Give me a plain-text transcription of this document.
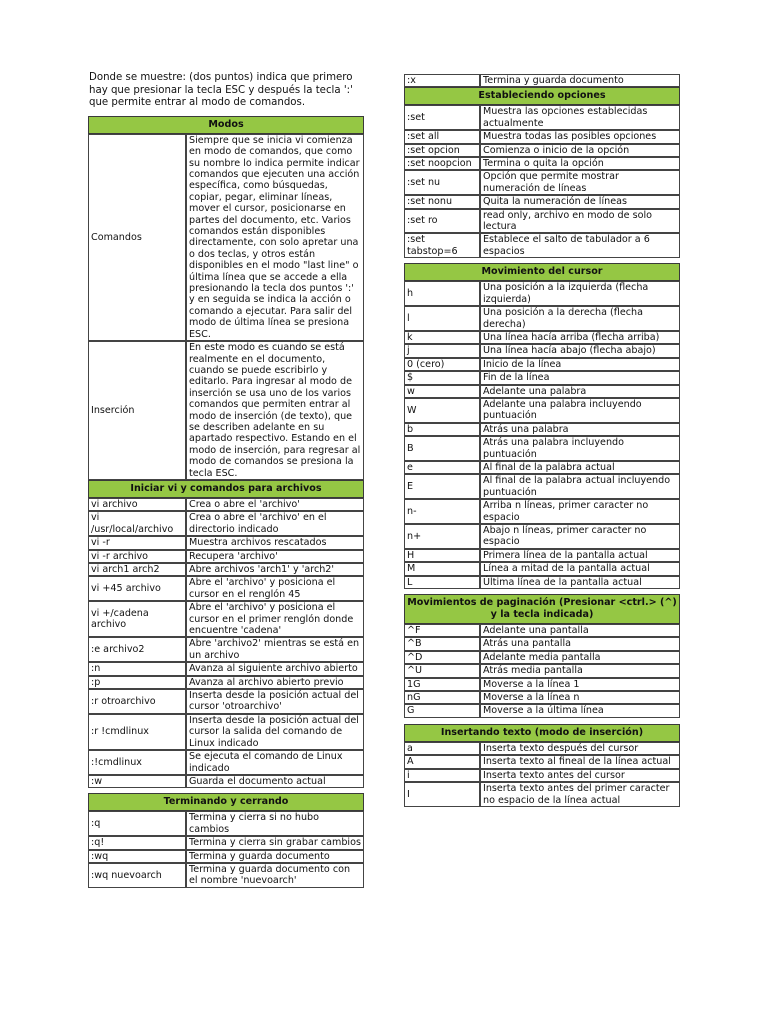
Donde se muestre: (dos puntos) indica que primero hay que presionar la tecla ESC y después la tecla ':' que permite entrar al modo de comandos.

Modos	
Comandos	Siempre que se inicia vi comienza en modo de comandos, que como su nombre lo indica permite indicar comandos que ejecuten una acción específica, como búsquedas, copiar, pegar, eliminar líneas, mover el cursor, posicionarse en partes del documento, etc. Varios comandos están disponibles directamente, con solo apretar una o dos teclas, y otros están disponibles en el modo "last line" o última línea que se accede a ella presionando la tecla dos puntos ':' y en seguida se indica la acción o comando a ejecutar. Para salir del modo de última línea se presiona ESC.
Inserción	En este modo es cuando se está realmente en el documento, cuando se puede escribirlo y editarlo. Para ingresar al modo de inserción se usa uno de los varios comandos que permiten entrar al modo de inserción (de texto), que se describen adelante en su apartado respectivo. Estando en el modo de inserción, para regresar al modo de comandos se presiona la tecla ESC.
Iniciar vi y comandos para archivos	
vi archivo	Crea o abre el 'archivo'
vi /usr/local/archivo	Crea o abre el 'archivo' en el directorio indicado
vi -r	Muestra archivos rescatados
vi -r archivo	Recupera 'archivo'
vi arch1 arch2	Abre archivos 'arch1' y 'arch2'
vi +45 archivo	Abre el 'archivo' y posiciona el cursor en el renglón 45
vi +/cadena archivo	Abre el 'archivo' y posiciona el cursor en el primer renglón donde encuentre 'cadena'
:e archivo2	Abre 'archivo2' mientras se está en un archivo
:n	Avanza al siguiente archivo abierto
:p	Avanza al archivo abierto previo
:r otroarchivo	Inserta desde la posición actual del cursor 'otroarchivo'
:r !cmdlinux	Inserta desde la posición actual del cursor la salida del comando de Linux indicado
:!cmdlinux	Se ejecuta el comando de Linux indicado
:w	Guarda el documento actual

Terminando y cerrando	
:q	Termina y cierra si no hubo cambios
:q!	Termina y cierra sin grabar cambios
:wq	Termina y guarda documento
:wq nuevoarch	Termina y guarda documento con el nombre 'nuevoarch'
:x	Termina y guarda documento
Estableciendo opciones	
:set	Muestra las opciones establecidas actualmente
:set all	Muestra todas las posibles opciones
:set opcion	Comienza o inicio de la opción
:set noopcion	Termina o quita la opción
:set nu	Opción que permite mostrar numeración de líneas
:set nonu	Quita la numeración de líneas
:set ro	read only, archivo en modo de solo lectura
:set tabstop=6	Establece el salto de tabulador a 6 espacios

Movimiento del cursor	
h	Una posición a la izquierda (flecha izquierda)
l	Una posición a la derecha (flecha derecha)
k	Una línea hacía arriba (flecha arriba)
j	Una línea hacía abajo (flecha abajo)
0 (cero)	Inicio de la línea
$	Fin de la línea
w	Adelante una palabra
W	Adelante una palabra incluyendo puntuación
b	Atrás una palabra
B	Atrás una palabra incluyendo puntuación
e	Al final de la palabra actual
E	Al final de la palabra actual incluyendo puntuación
n-	Arriba n líneas, primer caracter no espacio
n+	Abajo n líneas, primer caracter no espacio
H	Primera línea de la pantalla actual
M	Línea a mitad de la pantalla actual
L	Última línea de la pantalla actual

Movimientos de paginación (Presionar <ctrl.> (^) y la tecla indicada)	
^F	Adelante una pantalla
^B	Atrás una pantalla
^D	Adelante media pantalla
^U	Atrás media pantalla
1G	Moverse a la línea 1
nG	Moverse a la línea n
G	Moverse a la última línea

Insertando texto (modo de inserción)	
a	Inserta texto después del cursor
A	Inserta texto al fineal de la línea actual
i	Inserta texto antes del cursor
I	Inserta texto antes del primer caracter no espacio de la línea actual
